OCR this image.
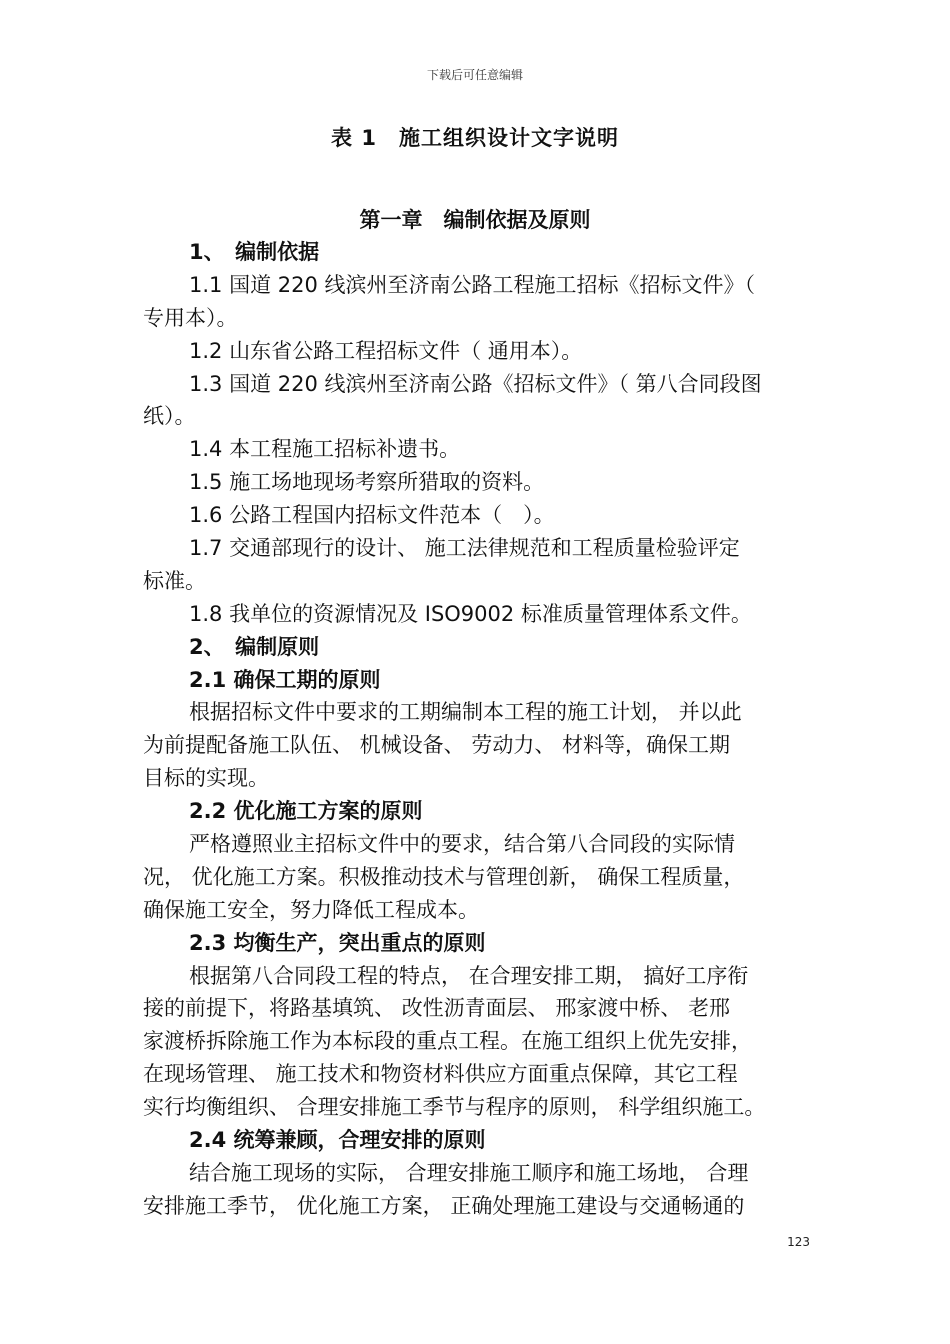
下载后可任意编辑
表 1　施工组织设计文字说明
第一章　编制依据及原则
1、　编制依据
1.1 国道 220 线滨州至济南公路工程施工招标《招标文件》（
专用本）。
1.2 山东省公路工程招标文件（ 通用本）。
1.3 国道 220 线滨州至济南公路《招标文件》（ 第八合同段图
纸）。
1.4 本工程施工招标补遗书。
1.5 施工场地现场考察所猎取的资料。
1.6 公路工程国内招标文件范本（　）。
1.7 交通部现行的设计、 施工法律规范和工程质量检验评定
标准。
1.8 我单位的资源情况及 ISO9002 标准质量管理体系文件。
2、　编制原则
2.1 确保工期的原则
根据招标文件中要求的工期编制本工程的施工计划， 并以此
为前提配备施工队伍、 机械设备、 劳动力、 材料等，确保工期
目标的实现。
2.2 优化施工方案的原则
严格遵照业主招标文件中的要求，结合第八合同段的实际情
况， 优化施工方案。积极推动技术与管理创新， 确保工程质量，
确保施工安全，努力降低工程成本。
2.3 均衡生产，突出重点的原则
根据第八合同段工程的特点， 在合理安排工期， 搞好工序衔
接的前提下，将路基填筑、 改性沥青面层、 邢家渡中桥、 老邢
家渡桥拆除施工作为本标段的重点工程。在施工组织上优先安排，
在现场管理、 施工技术和物资材料供应方面重点保障，其它工程
实行均衡组织、 合理安排施工季节与程序的原则， 科学组织施工。
2.4 统筹兼顾，合理安排的原则
结合施工现场的实际， 合理安排施工顺序和施工场地， 合理
安排施工季节， 优化施工方案， 正确处理施工建设与交通畅通的
123
